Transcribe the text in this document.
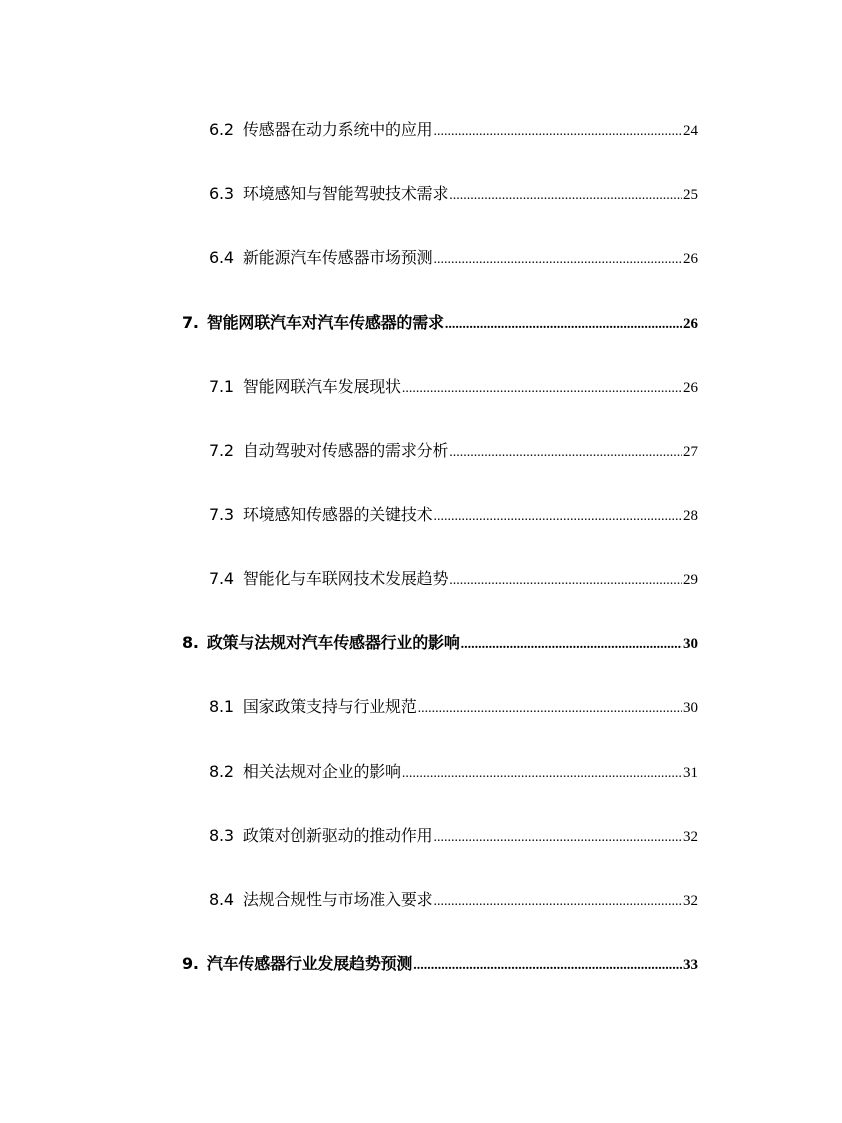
6.2 传感器在动力系统中的应用 .....	24
6.3 环境感知与智能驾驶技术需求 .....	25
6.4 新能源汽车传感器市场预测 .....	26
7. 智能网联汽车对汽车传感器的需求 .....	26
7.1 智能网联汽车发展现状 .....	26
7.2 自动驾驶对传感器的需求分析 .....	27
7.3 环境感知传感器的关键技术 .....	28
7.4 智能化与车联网技术发展趋势 .....	29
8. 政策与法规对汽车传感器行业的影响 .....	30
8.1 国家政策支持与行业规范 .....	30
8.2 相关法规对企业的影响 .....	31
8.3 政策对创新驱动的推动作用 .....	32
8.4 法规合规性与市场准入要求 .....	32
9. 汽车传感器行业发展趋势预测 .....	33
